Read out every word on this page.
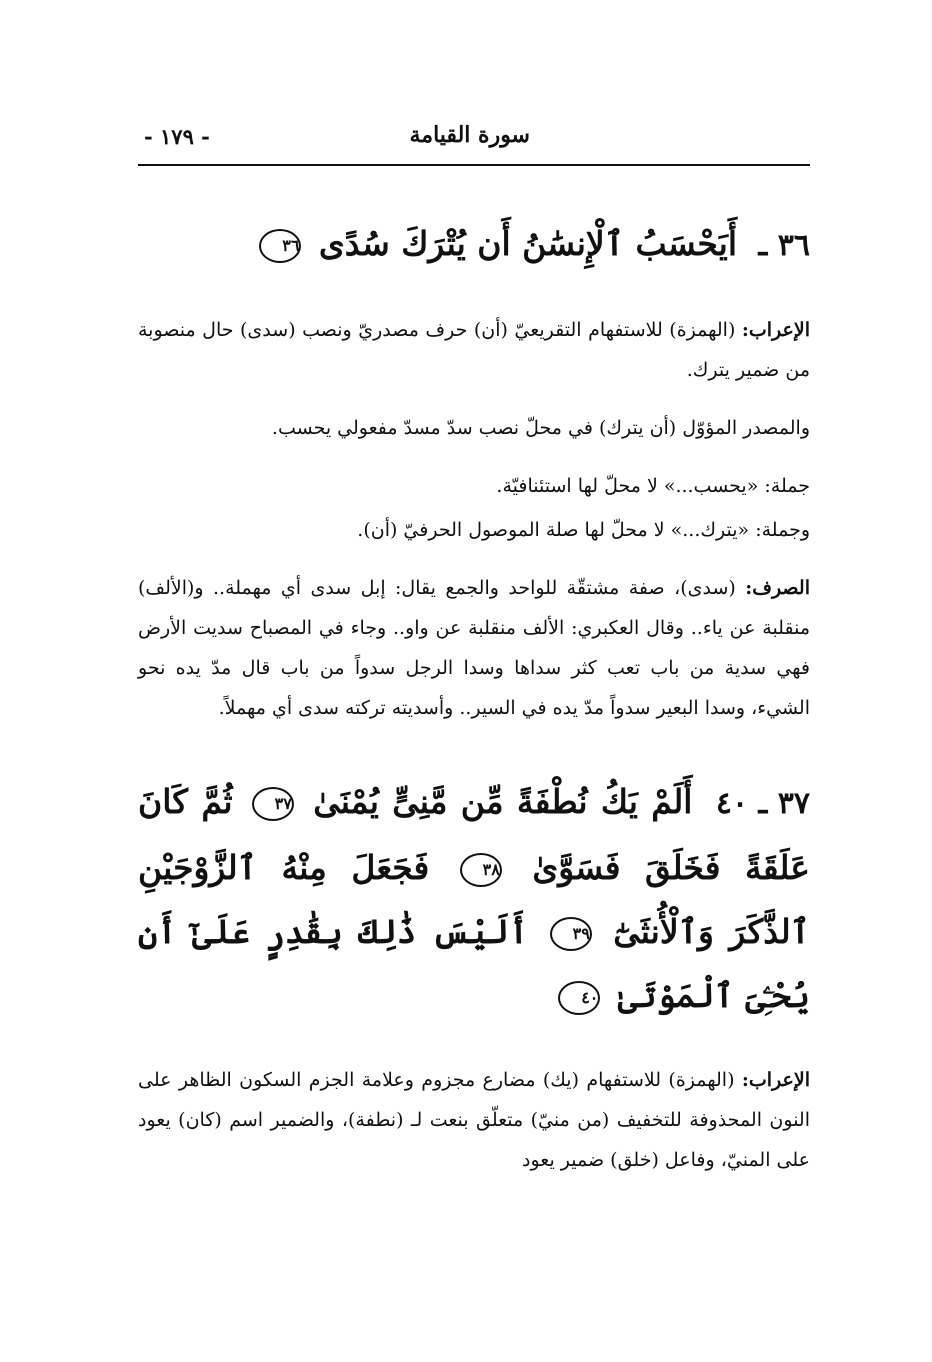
سورة القيامة
- ١٧٩ -
٣٦ ـ أَيَحْسَبُ ٱلْإِنسَٰنُ أَن يُتْرَكَ سُدًى ٣٦

الإعراب: (الهمزة) للاستفهام التقريعيّ (أن) حرف مصدريّ ونصب (سدى) حال منصوبة من ضمير يترك.

والمصدر المؤوّل (أن يترك) في محلّ نصب سدّ مسدّ مفعولي يحسب.

جملة: «يحسب...» لا محلّ لها استئنافيّة.

وجملة: «يترك...» لا محلّ لها صلة الموصول الحرفيّ (أن).

الصرف: (سدى)، صفة مشتقّة للواحد والجمع يقال: إبل سدى أي مهملة.. و(الألف) منقلبة عن ياء.. وقال العكبري: الألف منقلبة عن واو.. وجاء في المصباح سديت الأرض فهي سدية من باب تعب كثر سداها وسدا الرجل سدواً من باب قال مدّ يده نحو الشيء، وسدا البعير سدواً مدّ يده في السير.. وأسديته تركته سدى أي مهملاً.

٣٧ ـ ٤٠ أَلَمْ يَكُ نُطْفَةً مِّن مَّنِىٍّ يُمْنَىٰ ٣٧ ثُمَّ كَانَ عَلَقَةً فَخَلَقَ فَسَوَّىٰ ٣٨ فَجَعَلَ مِنْهُ ٱلزَّوْجَيْنِ ٱلذَّكَرَ وَٱلْأُنثَىٰٓ ٣٩ أَلَيْسَ ذَٰلِكَ بِقَٰدِرٍ عَلَىٰٓ أَن يُحْـِۧىَ ٱلْمَوْتَىٰ ٤٠

الإعراب: (الهمزة) للاستفهام (يك) مضارع مجزوم وعلامة الجزم السكون الظاهر على النون المحذوفة للتخفيف (من منيّ) متعلّق بنعت لـ (نطفة)، والضمير اسم (كان) يعود على المنيّ، وفاعل (خلق) ضمير يعود
